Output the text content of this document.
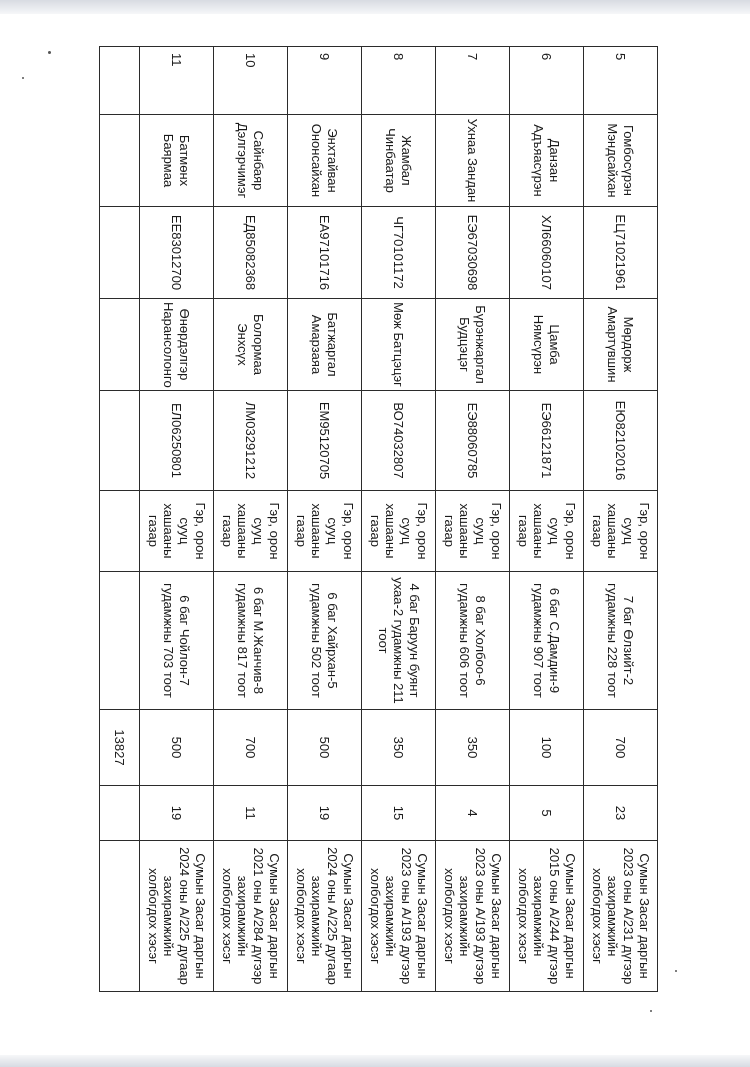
5	Гомбосүрэн Мэндсайхан	ЕЦ71021961	Мөрдорж Амартүвшин	ЕЮ82102016	Гэр, орон сууц хашааны газар	7 баг Өлзийт-2 гудамжны 228 тоот	700	23	Сумын Засаг даргын 2023 оны А/231 дүгээр захирамжийн холбогдох хэсэг
6	Данзан Адъяасүрэн	ХЛ66060107	Цамба Нямсүрэн	ЕЭ66121871	Гэр, орон сууц хашааны газар	6 баг С.Дамдин-9 гудамжны 907 тоот	100	5	Сумын Засаг даргын 2015 оны А/244 дүгээр захирамжийн холбогдох хэсэг
7	Ухнаа Зандан	ЕЭ67030698	Бүрэнжаргал Будцэцэг	ЕЭ88060785	Гэр, орон сууц хашааны газар	8 баг Холбоо-6 гудамжны 606 тоот	350	4	Сумын Засаг даргын 2023 оны А/193 дугээр захирамжийн холбогдох хэсэг
8	Жамбал Чинбаатар	ЧГ70101172	Мөж Батцэцэг	ВО74032807	Гэр, орон сууц хашааны газар	4 баг Баруун буянт ухаа-2 гудамжны 211 тоот	350	15	Сумын Засаг даргын 2023 оны А/193 дугээр захирамжийн холбогдох хэсэг
9	Энхтайван Ононсайхан	ЕА97101716	Батжаргал Амарзаяа	ЕМ95120705	Гэр, орон сууц хашааны газар	6 баг Хайрхан-5 гудамжны 502 тоот	500	19	Сумын Засаг даргын 2024 оны А/225 дугаар захирамжийн холбогдох хэсэг
10	Сайнбаяр Дэлгэрчимэг	ЕД85082368	Болормаа Энхсүх	ЛМ03291212	Гэр, орон сууц хашааны газар	6 баг М.Жанчив-8 гудамжны 817 тоот	700	11	Сумын Засаг даргын 2021 оны А/284 дүгээр захирамжийн холбогдох хэсэг
11	Батмөнх Баярмаа	ЕЕ83012700	Өнөрдэлгэр Нарансолонго	ЕЛ06250801	Гэр, орон сууц хашааны газар	6 баг Чойлон-7 гудамжны 703 тоот	500	19	Сумын Засаг даргын 2024 оны А/225 дугаар захирамжийн холбогдох хэсэг
							13827		
